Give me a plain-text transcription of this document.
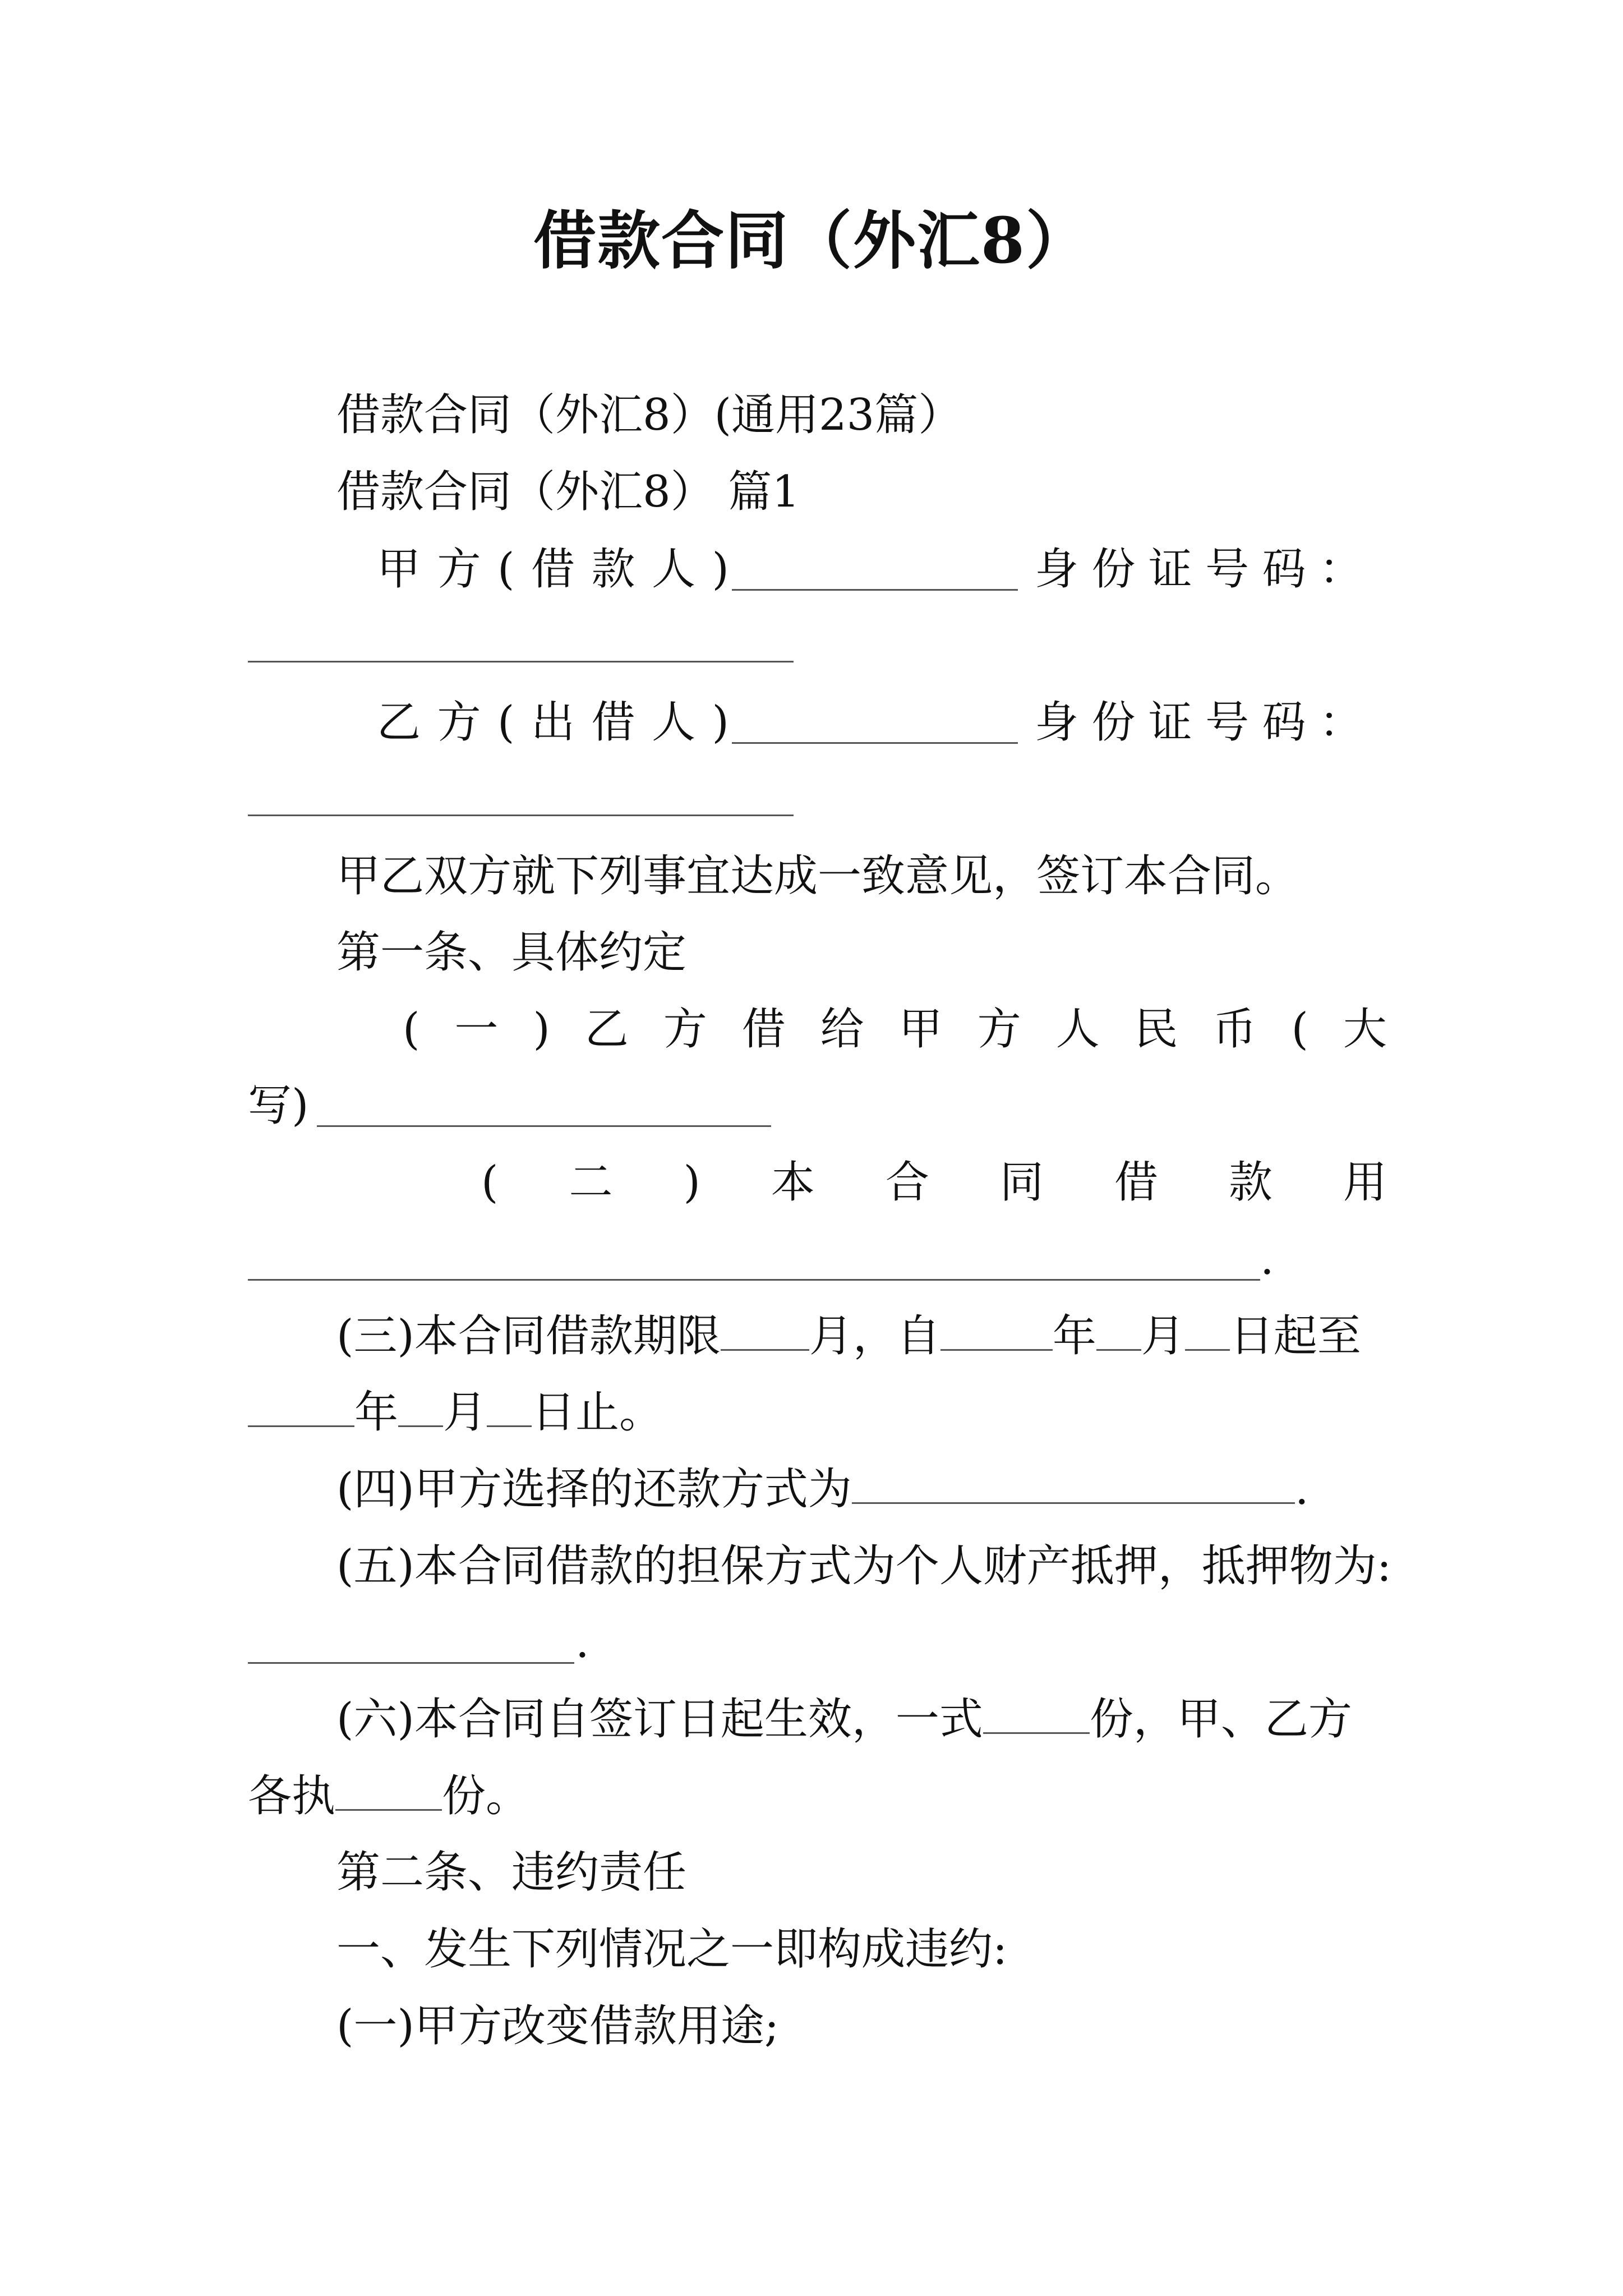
借款合同（外汇8）
借款合同（外汇8）(通用23篇）
借款合同（外汇8） 篇1
甲 方 ( 借 款 人 )	身 份 证 号 码 ：
乙 方 ( 出 借 人 )	身 份 证 号 码 ：
甲乙双方就下列事宜达成一致意见，签订本合同。
第一条、具体约定
( 一 ) 乙 方 借 给 甲 方 人 民 币 ( 大
写)
( 二 ) 本 合 同 借 款 用
.
(三)本合同借款期限 月，自	年 月 日起至
年 月 日止。
(四)甲方选择的还款方式为	.
(五)本合同借款的担保方式为个人财产抵押，抵押物为:
.
(六)本合同自签订日起生效，一式 份，甲、乙方
各执 份。
第二条、违约责任
一、发生下列情况之一即构成违约:
(一)甲方改变借款用途;
